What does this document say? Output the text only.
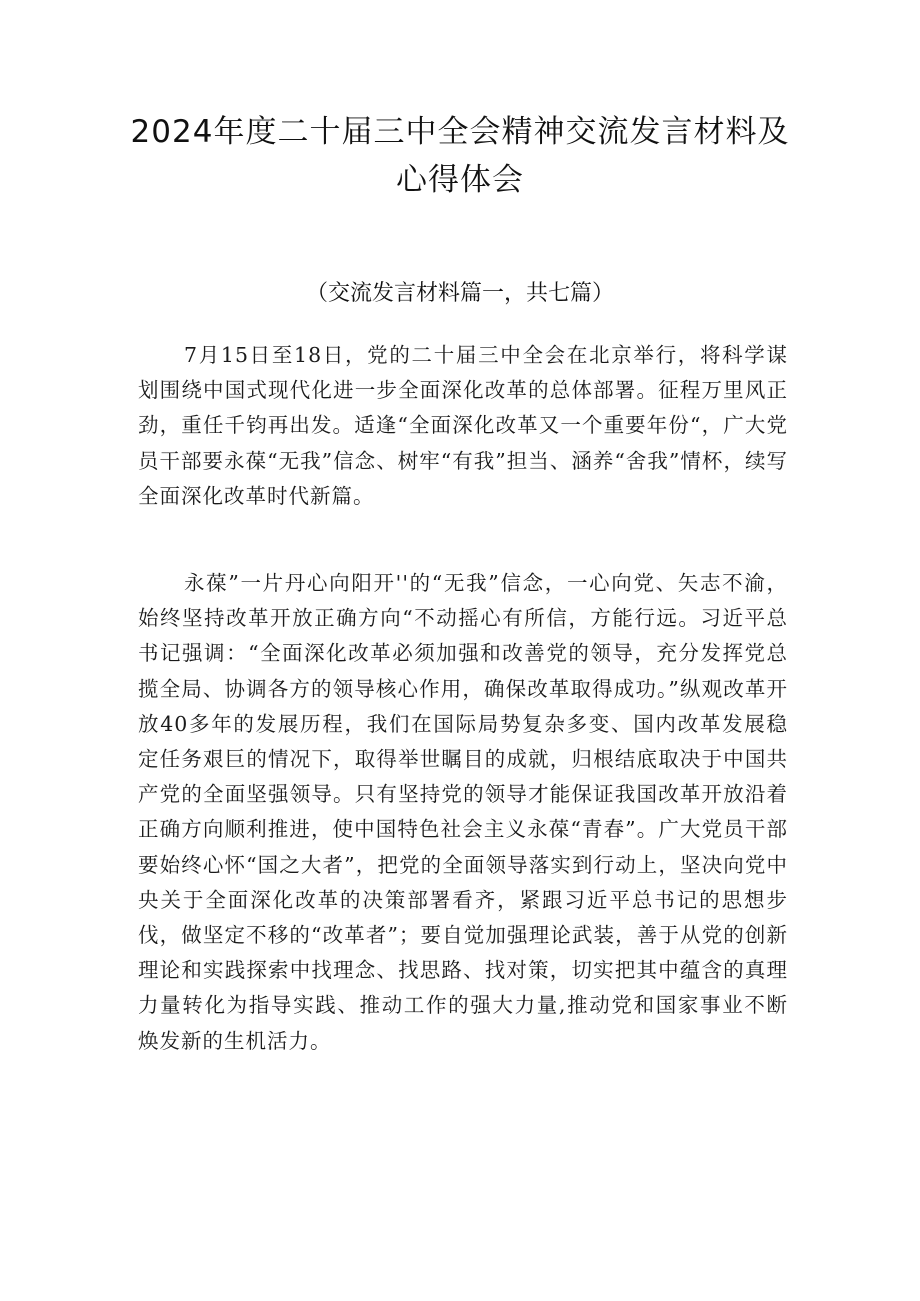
2024年度二十届三中全会精神交流发言材料及心得体会
（交流发言材料篇一，共七篇）

7月15日至18日，党的二十届三中全会在北京举行，将科学谋划围绕中国式现代化进一步全面深化改革的总体部署。征程万里风正劲，重任千钧再出发。适逢“全面深化改革又一个重要年份“，广大党员干部要永葆“无我”信念、树牢“有我”担当、涵养“舍我”情杯，续写全面深化改革时代新篇。

永葆”一片丹心向阳开''的“无我”信念，一心向党、矢志不渝，始终坚持改革开放正确方向“不动摇心有所信，方能行远。习近平总书记强调：“全面深化改革必须加强和改善党的领导，充分发挥党总揽全局、协调各方的领导核心作用，确保改革取得成功。”纵观改革开放40多年的发展历程，我们在国际局势复杂多变、国内改革发展稳定任务艰巨的情况下，取得举世瞩目的成就，归根结底取决于中国共产党的全面坚强领导。只有坚持党的领导才能保证我国改革开放沿着正确方向顺利推进，使中国特色社会主义永葆“青春”。广大党员干部要始终心怀“国之大者”，把党的全面领导落实到行动上，坚决向党中央关于全面深化改革的决策部署看齐，紧跟习近平总书记的思想步伐，做坚定不移的“改革者”；要自觉加强理论武装，善于从党的创新理论和实践探索中找理念、找思路、找对策，切实把其中蕴含的真理力量转化为指导实践、推动工作的强大力量,推动党和国家事业不断焕发新的生机活力。
